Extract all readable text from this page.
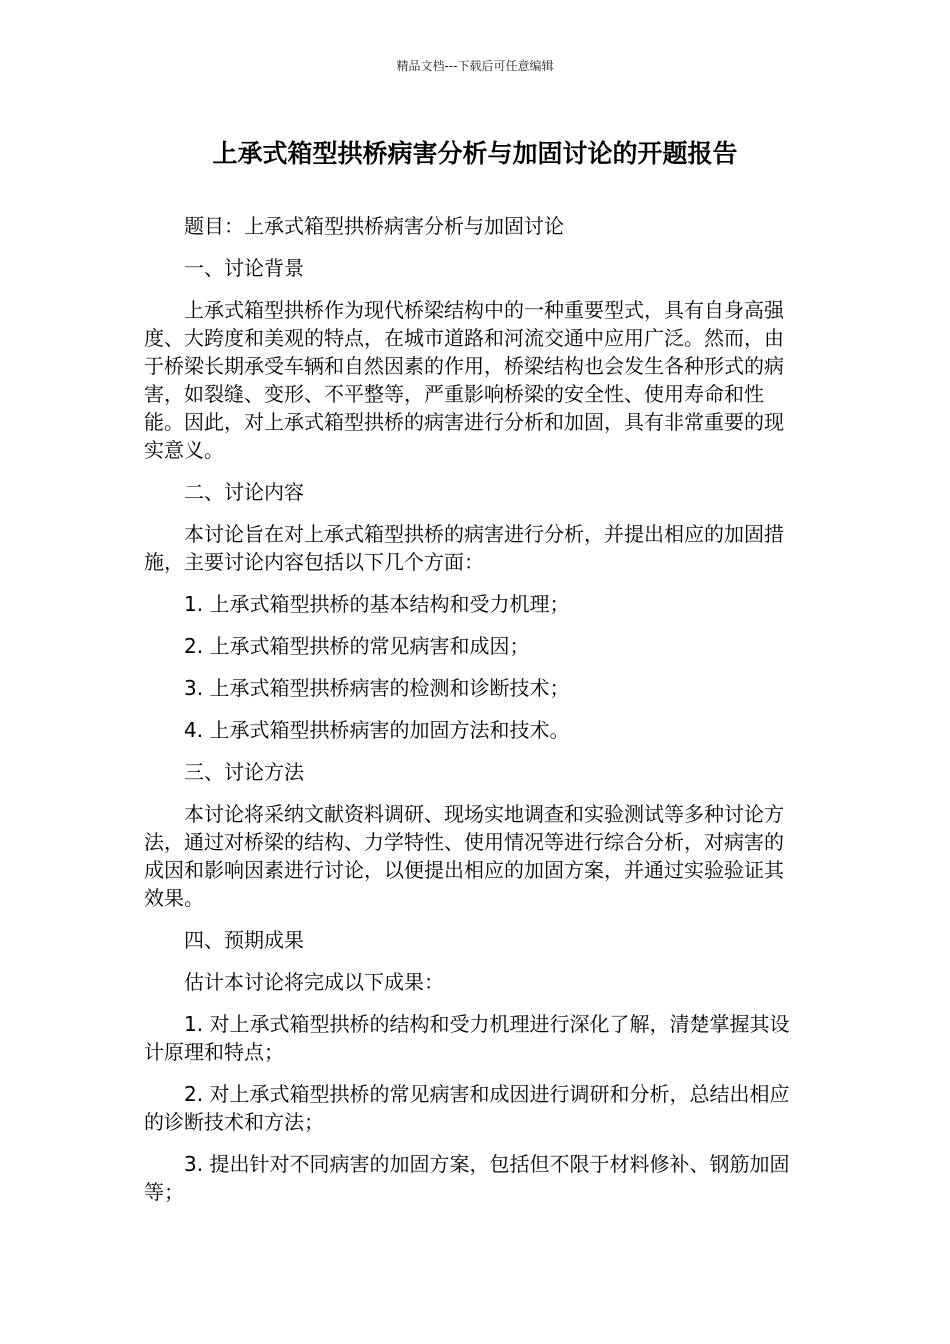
精品文档---下载后可任意编辑
上承式箱型拱桥病害分析与加固讨论的开题报告

题目：上承式箱型拱桥病害分析与加固讨论

一、讨论背景

上承式箱型拱桥作为现代桥梁结构中的一种重要型式，具有自身高强度、大跨度和美观的特点，在城市道路和河流交通中应用广泛。然而，由于桥梁长期承受车辆和自然因素的作用，桥梁结构也会发生各种形式的病害，如裂缝、变形、不平整等，严重影响桥梁的安全性、使用寿命和性能。因此，对上承式箱型拱桥的病害进行分析和加固，具有非常重要的现实意义。

二、讨论内容

本讨论旨在对上承式箱型拱桥的病害进行分析，并提出相应的加固措施，主要讨论内容包括以下几个方面：

1. 上承式箱型拱桥的基本结构和受力机理；

2. 上承式箱型拱桥的常见病害和成因；

3. 上承式箱型拱桥病害的检测和诊断技术；

4. 上承式箱型拱桥病害的加固方法和技术。

三、讨论方法

本讨论将采纳文献资料调研、现场实地调查和实验测试等多种讨论方法，通过对桥梁的结构、力学特性、使用情况等进行综合分析，对病害的成因和影响因素进行讨论，以便提出相应的加固方案，并通过实验验证其效果。

四、预期成果

估计本讨论将完成以下成果：

1. 对上承式箱型拱桥的结构和受力机理进行深化了解，清楚掌握其设计原理和特点；

2. 对上承式箱型拱桥的常见病害和成因进行调研和分析，总结出相应的诊断技术和方法；

3. 提出针对不同病害的加固方案，包括但不限于材料修补、钢筋加固等；
